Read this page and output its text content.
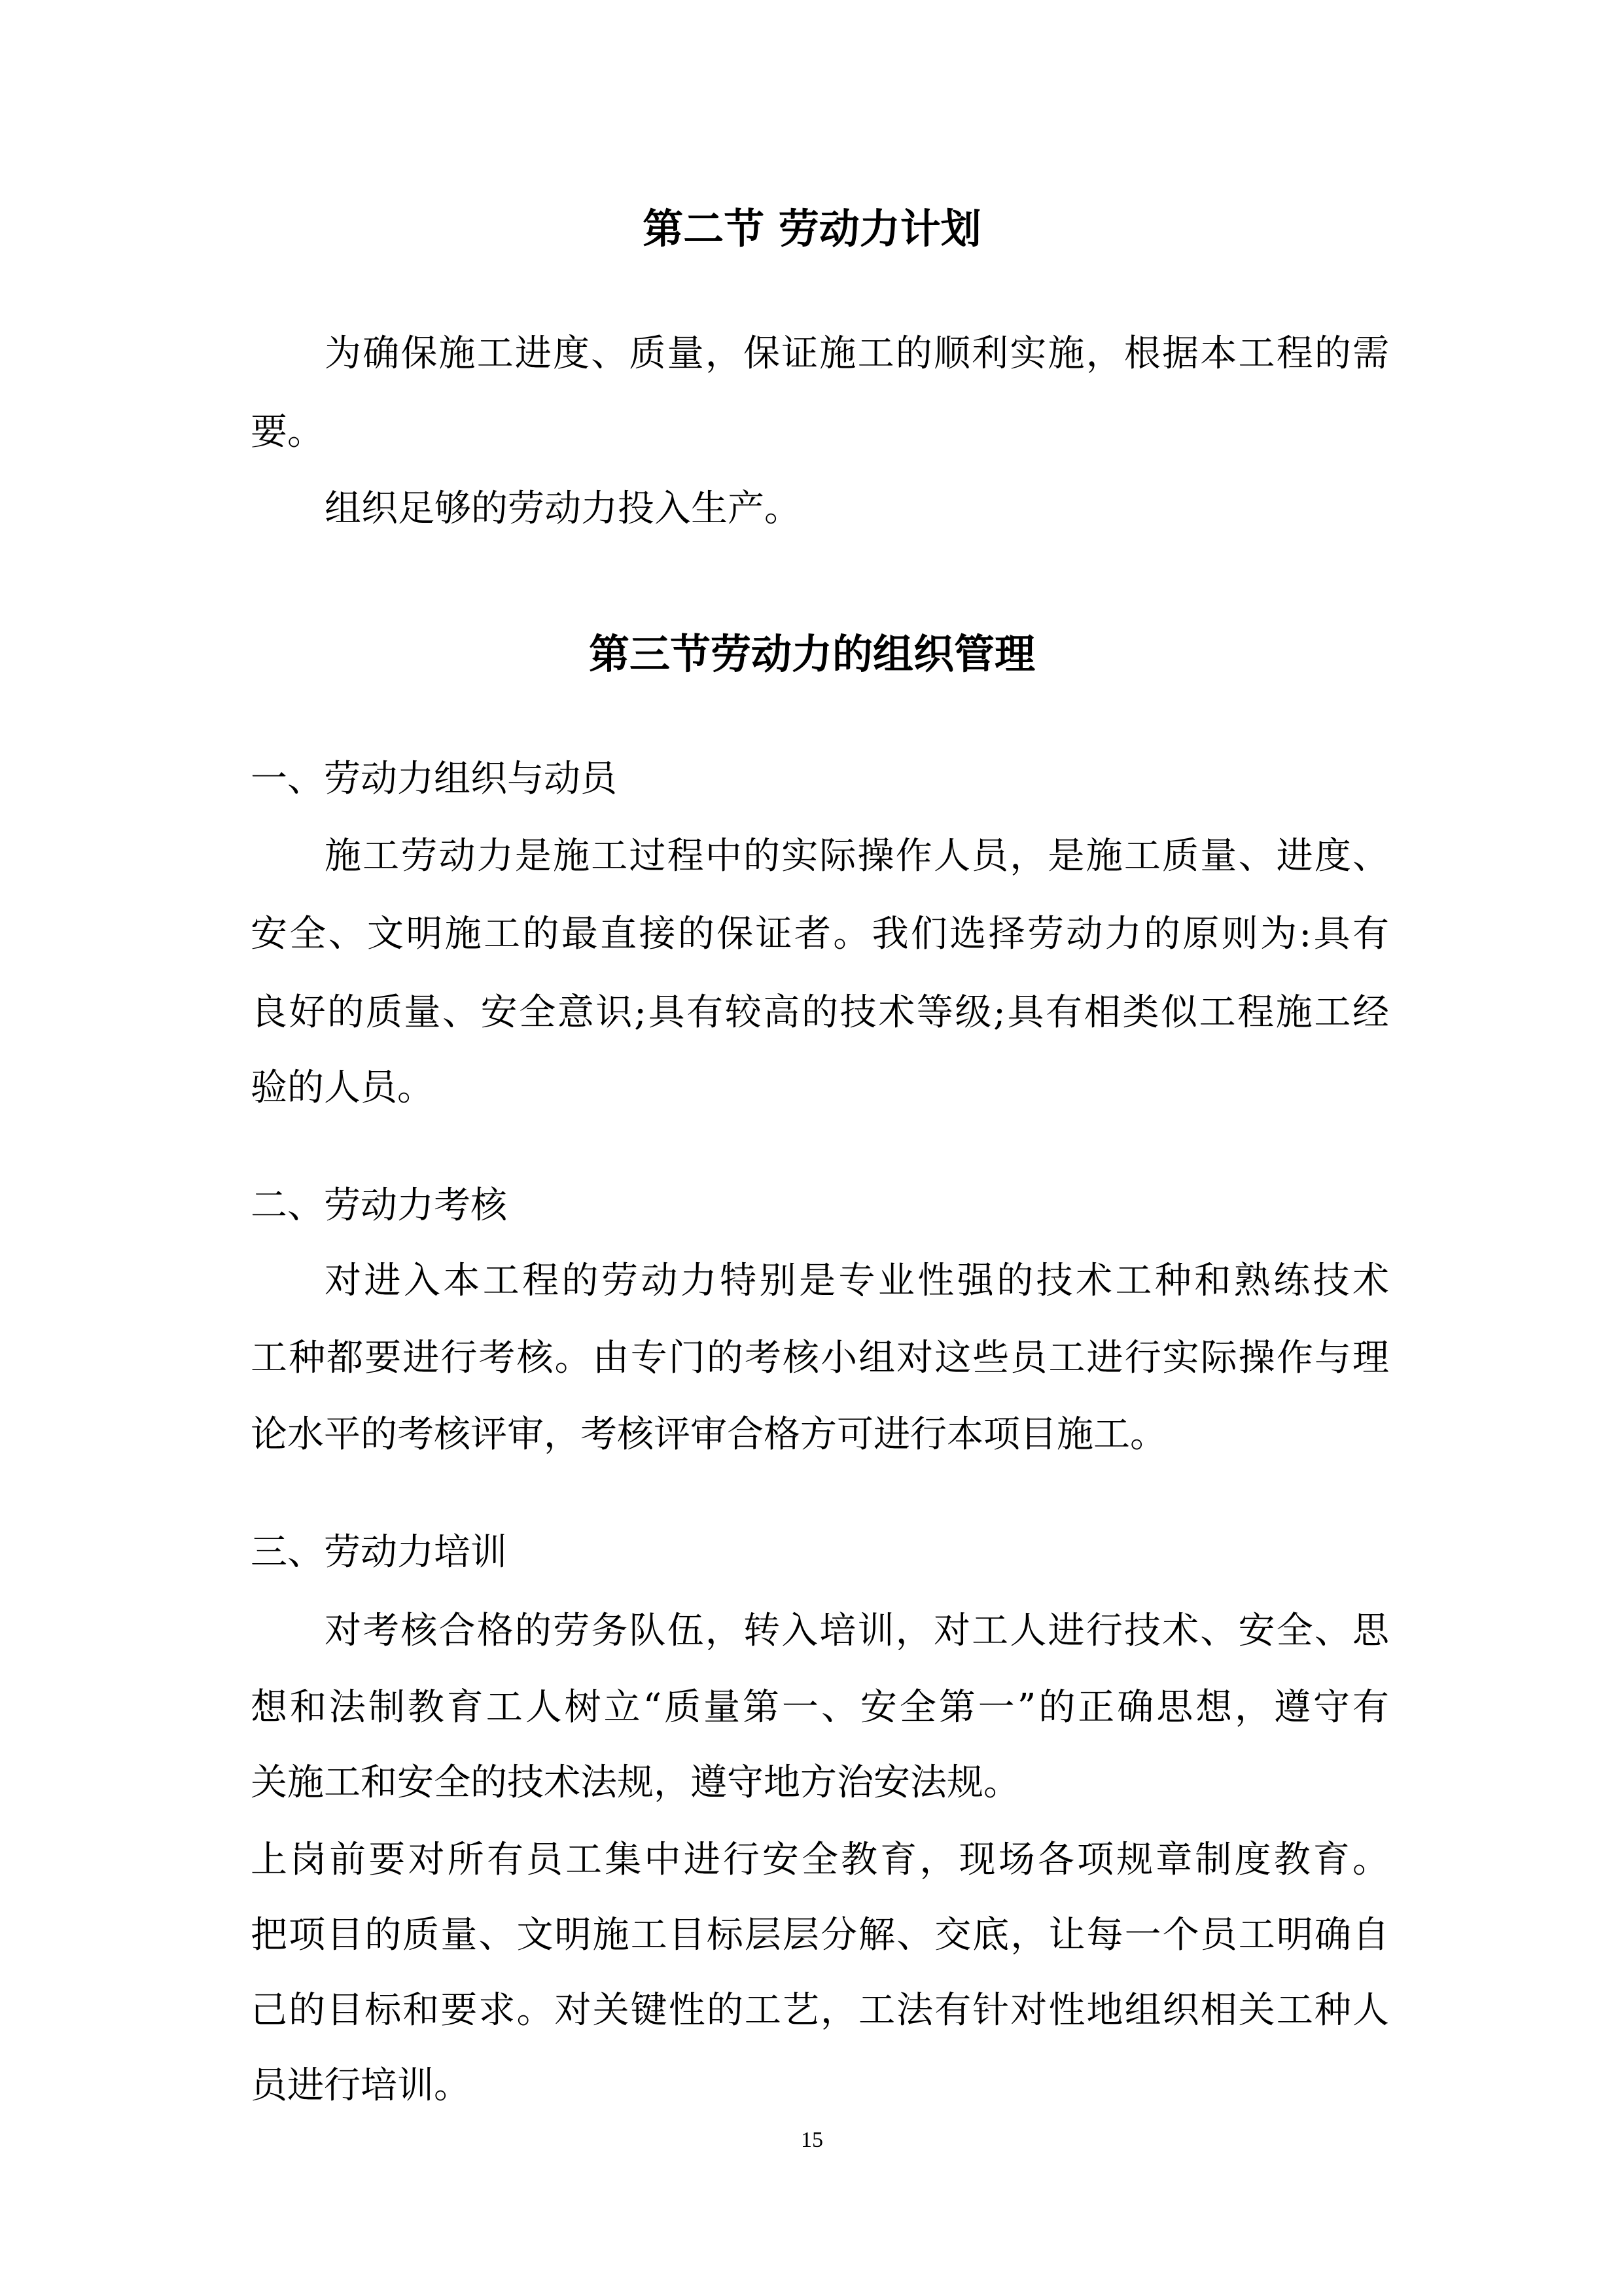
第二节 劳动力计划
为确保施工进度、质量，保证施工的顺利实施，根据本工程的需
要。
组织足够的劳动力投入生产。
第三节劳动力的组织管理
一、劳动力组织与动员
施工劳动力是施工过程中的实际操作人员，是施工质量、进度、
安全、文明施工的最直接的保证者。我们选择劳动力的原则为:具有
良好的质量、安全意识;具有较高的技术等级;具有相类似工程施工经
验的人员。
二、劳动力考核
对进入本工程的劳动力特别是专业性强的技术工种和熟练技术
工种都要进行考核。由专门的考核小组对这些员工进行实际操作与理
论水平的考核评审，考核评审合格方可进行本项目施工。
三、劳动力培训
对考核合格的劳务队伍，转入培训，对工人进行技术、安全、思
想和法制教育工人树立“质量第一、安全第一”的正确思想，遵守有
关施工和安全的技术法规，遵守地方治安法规。
上岗前要对所有员工集中进行安全教育，现场各项规章制度教育。
把项目的质量、文明施工目标层层分解、交底，让每一个员工明确自
己的目标和要求。对关键性的工艺，工法有针对性地组织相关工种人
员进行培训。
15
